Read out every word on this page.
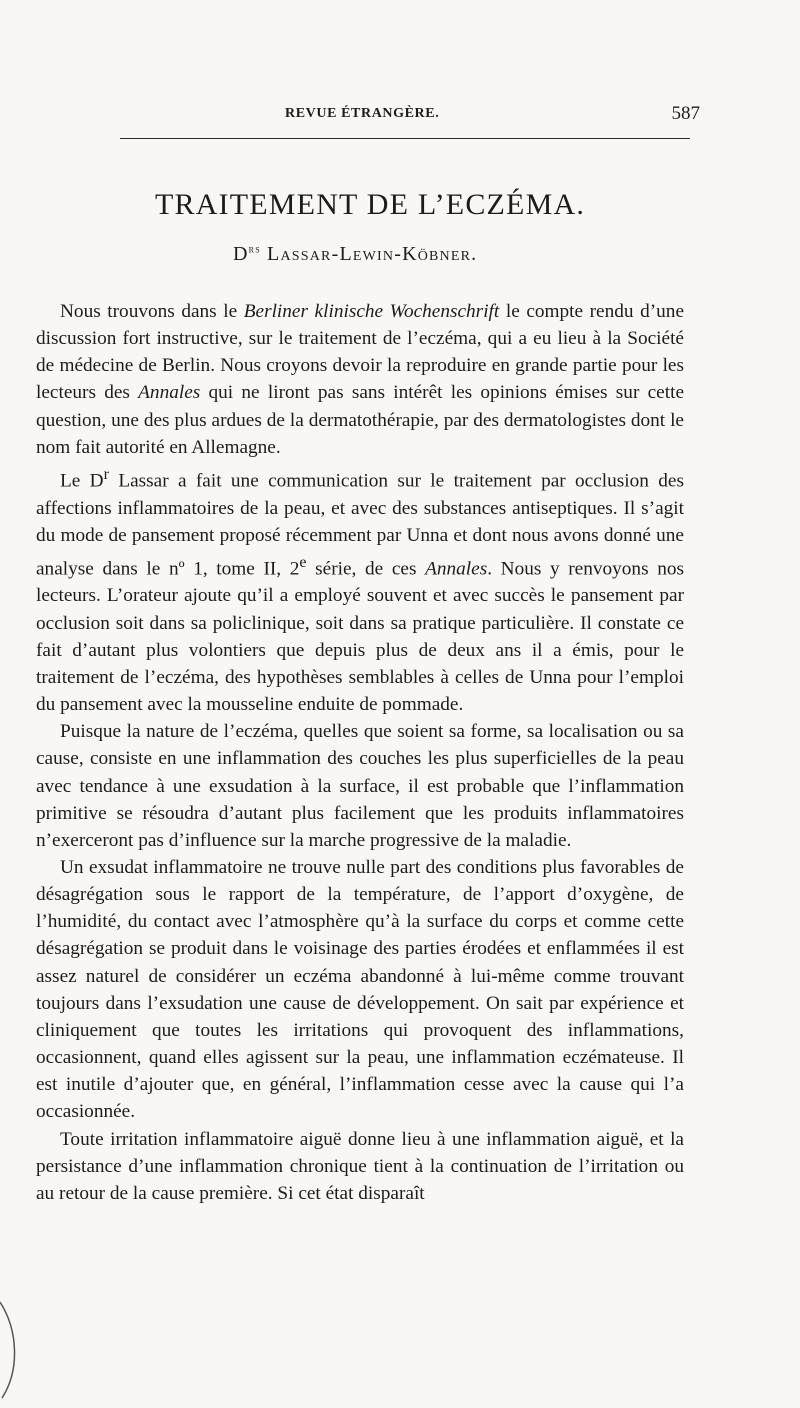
REVUE ÉTRANGÈRE.	587
TRAITEMENT DE L’ECZÉMA.
$D^{rs}$ Lassar-Lewin-Köbner.

Nous trouvons dans le Berliner klinische Wochenschrift le compte rendu d’une discussion fort instructive, sur le traitement de l’eczéma, qui a eu lieu à la Société de médecine de Berlin. Nous croyons devoir la reproduire en grande partie pour les lecteurs des Annales qui ne liront pas sans intérêt les opinions émises sur cette question, une des plus ardues de la dermatothérapie, par des dermatologistes dont le nom fait autorité en Allemagne.

Le $D^r$ Lassar a fait une communication sur le traitement par occlusion des affections inflammatoires de la peau, et avec des substances antiseptiques. Il s’agit du mode de pansement proposé récemment par Unna et dont nous avons donné une analyse dans le nº 1, tome II, 2e série, de ces Annales. Nous y renvoyons nos lecteurs. L’orateur ajoute qu’il a employé souvent et avec succès le pansement par occlusion soit dans sa policlinique, soit dans sa pratique particulière. Il constate ce fait d’autant plus volontiers que depuis plus de deux ans il a émis, pour le traitement de l’eczéma, des hypothèses semblables à celles de Unna pour l’emploi du pansement avec la mousseline enduite de pommade.

Puisque la nature de l’eczéma, quelles que soient sa forme, sa localisation ou sa cause, consiste en une inflammation des couches les plus superficielles de la peau avec tendance à une exsudation à la surface, il est probable que l’inflammation primitive se résoudra d’autant plus facilement que les produits inflammatoires n’exerceront pas d’influence sur la marche progressive de la maladie.

Un exsudat inflammatoire ne trouve nulle part des conditions plus favorables de désagrégation sous le rapport de la température, de l’apport d’oxygène, de l’humidité, du contact avec l’atmosphère qu’à la surface du corps et comme cette désagrégation se produit dans le voisinage des parties érodées et enflammées il est assez naturel de considérer un eczéma abandonné à lui-même comme trouvant toujours dans l’exsudation une cause de développement. On sait par expérience et cliniquement que toutes les irritations qui provoquent des inflammations, occasionnent, quand elles agissent sur la peau, une inflammation eczémateuse. Il est inutile d’ajouter que, en général, l’inflammation cesse avec la cause qui l’a occasionnée.

Toute irritation inflammatoire aiguë donne lieu à une inflammation aiguë, et la persistance d’une inflammation chronique tient à la continuation de l’irritation ou au retour de la cause première. Si cet état disparaît
